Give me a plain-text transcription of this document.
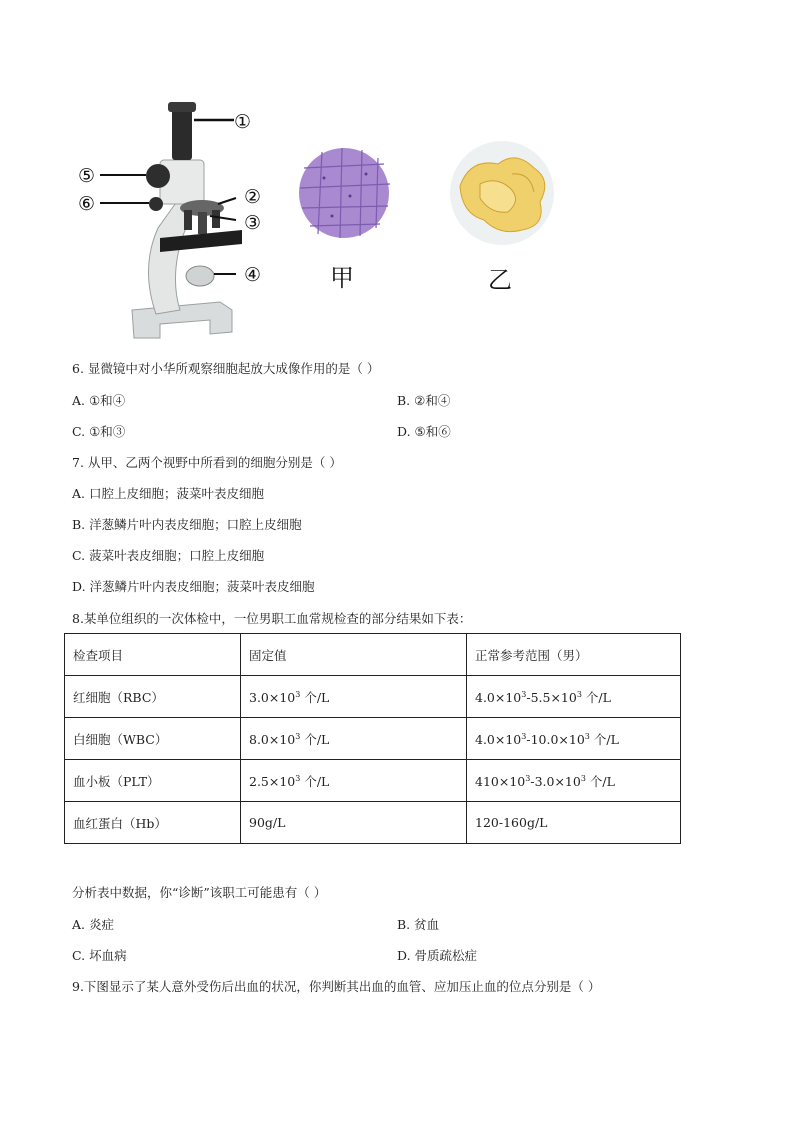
①
②
③
④
⑤
⑥
甲	乙
6. 显微镜中对小华所观察细胞起放大成像作用的是（ ）
A. ①和④	B. ②和④
C. ①和③	D. ⑤和⑥
7. 从甲、乙两个视野中所看到的细胞分别是（ ）
A. 口腔上皮细胞；菠菜叶表皮细胞
B. 洋葱鳞片叶内表皮细胞；口腔上皮细胞
C. 菠菜叶表皮细胞；口腔上皮细胞
D. 洋葱鳞片叶内表皮细胞；菠菜叶表皮细胞
8.某单位组织的一次体检中，一位男职工血常规检查的部分结果如下表：
检查项目	固定值	正常参考范围（男）
红细胞（RBC）	$3.0\times 10^3$ 个/L	$4.0\times 10^3-5.5\times 10^3$ 个/L
白细胞（WBC）	$8.0\times 10^3$ 个/L	$4.0\times 10^3-10.0\times 10^3$ 个/L
血小板（PLT）	$2.5\times 10^3$ 个/L	$410\times 10^3-3.0\times 10^3$ 个/L
血红蛋白（Hb）	90g/L	120-160g/L
分析表中数据，你“诊断”该职工可能患有（ ）
A. 炎症	B. 贫血
C. 坏血病	D. 骨质疏松症
9.下图显示了某人意外受伤后出血的状况，你判断其出血的血管、应加压止血的位点分别是（ ）
